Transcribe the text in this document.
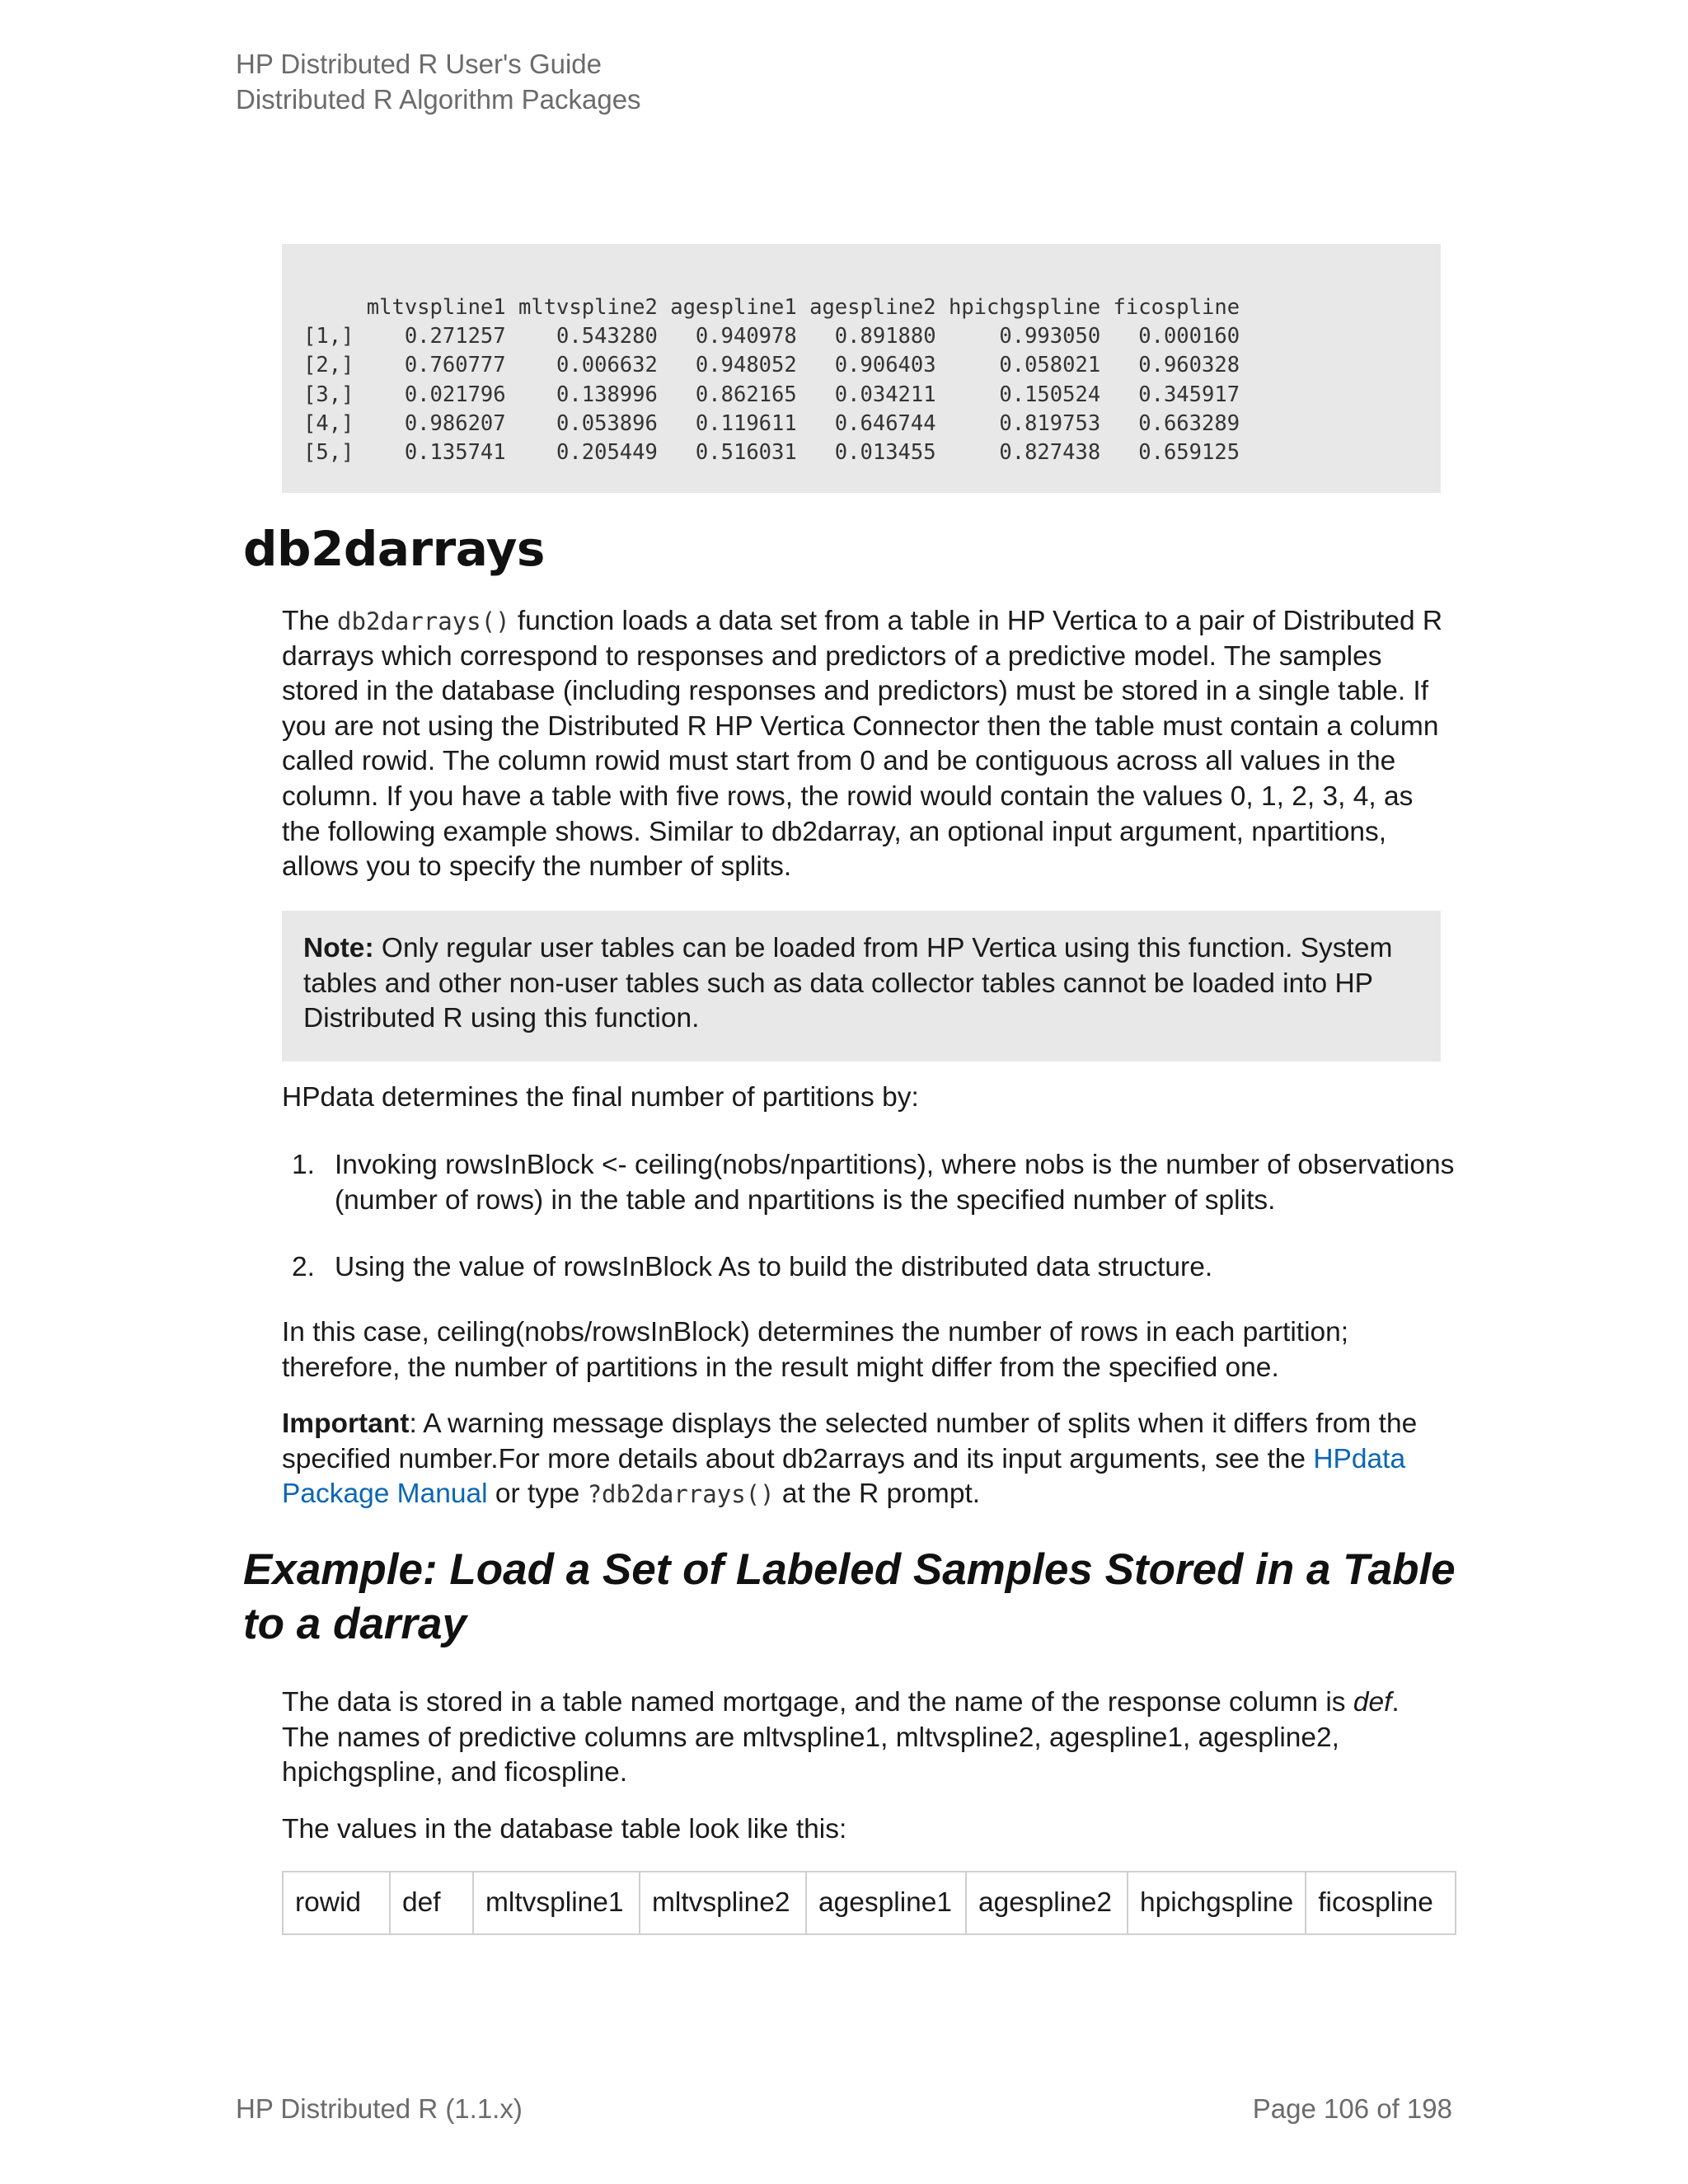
HP Distributed R User's Guide
Distributed R Algorithm Packages
mltvspline1 mltvspline2 agespline1 agespline2 hpichgspline ficospline
[1,]    0.271257    0.543280   0.940978   0.891880     0.993050   0.000160
[2,]    0.760777    0.006632   0.948052   0.906403     0.058021   0.960328
[3,]    0.021796    0.138996   0.862165   0.034211     0.150524   0.345917
[4,]    0.986207    0.053896   0.119611   0.646744     0.819753   0.663289
[5,]    0.135741    0.205449   0.516031   0.013455     0.827438   0.659125
db2darrays
The db2darrays() function loads a data set from a table in HP Vertica to a pair of Distributed R darrays which correspond to responses and predictors of a predictive model. The samples stored in the database (including responses and predictors) must be stored in a single table. If you are not using the Distributed R HP Vertica Connector then the table must contain a column called rowid. The column rowid must start from 0 and be contiguous across all values in the column. If you have a table with five rows, the rowid would contain the values 0, 1, 2, 3, 4, as the following example shows. Similar to db2darray, an optional input argument, npartitions, allows you to specify the number of splits.
Note: Only regular user tables can be loaded from HP Vertica using this function. System tables and other non-user tables such as data collector tables cannot be loaded into HP Distributed R using this function.
HPdata determines the final number of partitions by:
1. Invoking rowsInBlock <- ceiling(nobs/npartitions), where nobs is the number of observations (number of rows) in the table and npartitions is the specified number of splits.
2. Using the value of rowsInBlock As to build the distributed data structure.
In this case, ceiling(nobs/rowsInBlock) determines the number of rows in each partition; therefore, the number of partitions in the result might differ from the specified one.
Important: A warning message displays the selected number of splits when it differs from the specified number.For more details about db2arrays and its input arguments, see the HPdata Package Manual or type ?db2darrays() at the R prompt.
Example: Load a Set of Labeled Samples Stored in a Table to a darray
The data is stored in a table named mortgage, and the name of the response column is def. The names of predictive columns are mltvspline1, mltvspline2, agespline1, agespline2, hpichgspline, and ficospline.
The values in the database table look like this:
rowid	def	mltvspline1	mltvspline2	agespline1	agespline2	hpichgspline	ficospline
HP Distributed R (1.1.x)	Page 106 of 198
